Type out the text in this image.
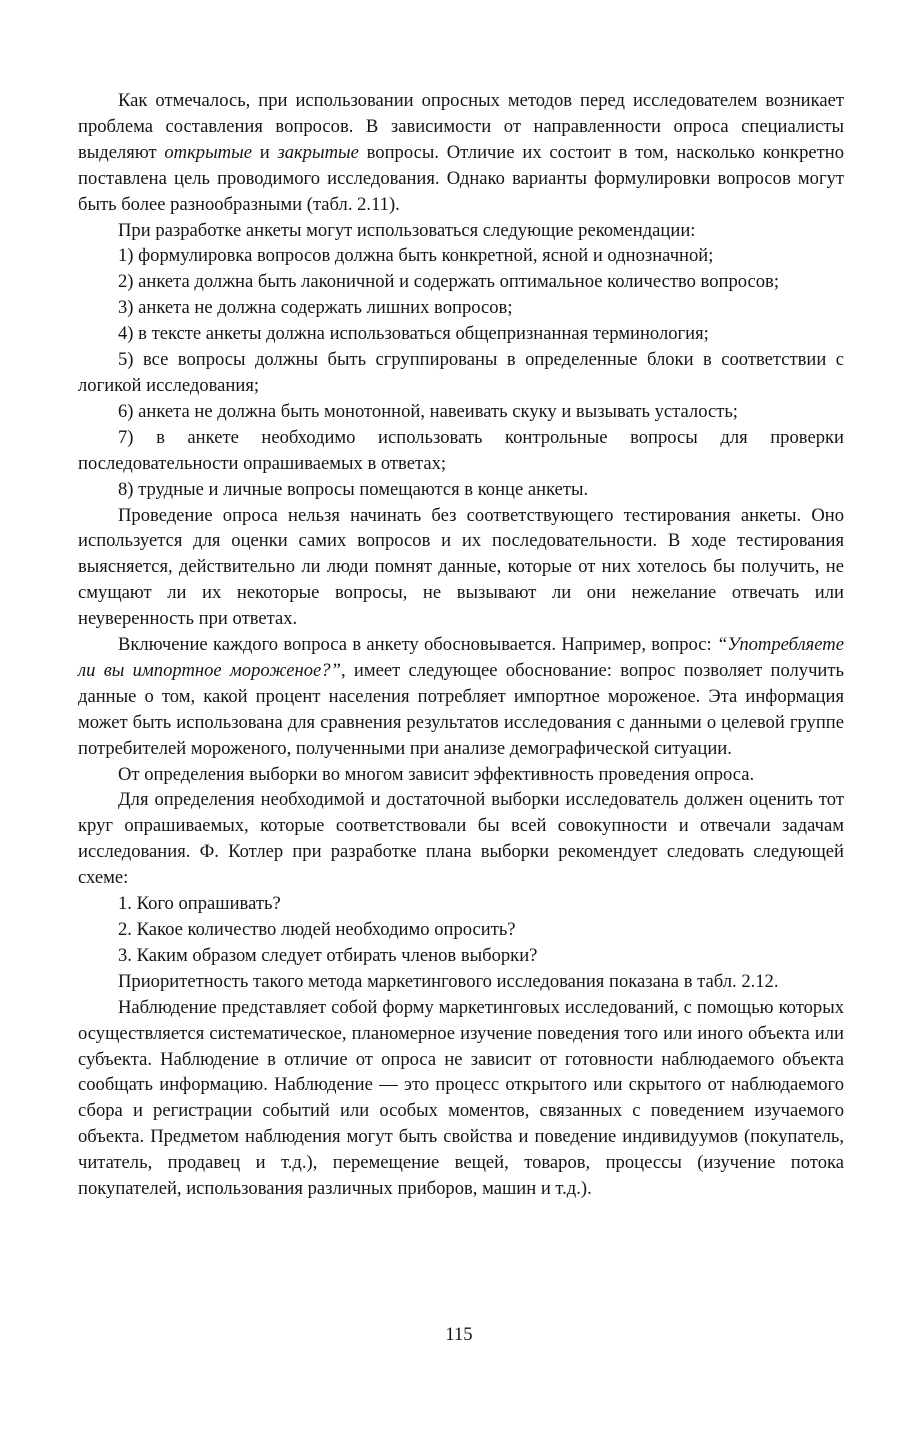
Как отмечалось, при использовании опросных методов перед исследователем возникает проблема составления вопросов. В зависимости от направленности опроса специалисты выделяют открытые и закрытые вопросы. Отличие их состоит в том, насколько конкретно поставлена цель проводимого исследования. Однако варианты формулировки вопросов могут быть более разнообразными (табл. 2.11).

При разработке анкеты могут использоваться следующие рекомендации:

1) формулировка вопросов должна быть конкретной, ясной и однозначной;

2) анкета должна быть лаконичной и содержать оптимальное количество вопросов;

3) анкета не должна содержать лишних вопросов;

4) в тексте анкеты должна использоваться общепризнанная терминология;

5) все вопросы должны быть сгруппированы в определенные блоки в соответствии с логикой исследования;

6) анкета не должна быть монотонной, навеивать скуку и вызывать усталость;

7) в анкете необходимо использовать контрольные вопросы для проверки последовательности опрашиваемых в ответах;

8) трудные и личные вопросы помещаются в конце анкеты.

Проведение опроса нельзя начинать без соответствующего тестирования анкеты. Оно используется для оценки самих вопросов и их последовательности. В ходе тестирования выясняется, действительно ли люди помнят данные, которые от них хотелось бы получить, не смущают ли их некоторые вопросы, не вызывают ли они нежелание отвечать или неуверенность при ответах.

Включение каждого вопроса в анкету обосновывается. Например, вопрос: “Употребляете ли вы импортное мороженое?”, имеет следующее обоснование: вопрос позволяет получить данные о том, какой процент населения потребляет импортное мороженое. Эта информация может быть использована для сравнения результатов исследования с данными о целевой группе потребителей мороженого, полученными при анализе демографической ситуации.

От определения выборки во многом зависит эффективность проведения опроса.

Для определения необходимой и достаточной выборки исследователь должен оценить тот круг опрашиваемых, которые соответствовали бы всей совокупности и отвечали задачам исследования. Ф. Котлер при разработке плана выборки рекомендует следовать следующей схеме:

1. Кого опрашивать?

2. Какое количество людей необходимо опросить?

3. Каким образом следует отбирать членов выборки?

Приоритетность такого метода маркетингового исследования показана в табл. 2.12.

Наблюдение представляет собой форму маркетинговых исследований, с помощью которых осуществляется систематическое, планомерное изучение поведения того или иного объекта или субъекта. Наблюдение в отличие от опроса не зависит от готовности наблюдаемого объекта сообщать информацию. Наблюдение — это процесс открытого или скрытого от наблюдаемого сбора и регистрации событий или особых моментов, связанных с поведением изучаемого объекта. Предметом наблюдения могут быть свойства и поведение индивидуумов (покупатель, читатель, продавец и т.д.), перемещение вещей, товаров, процессы (изучение потока покупателей, использования различных приборов, машин и т.д.).

115
